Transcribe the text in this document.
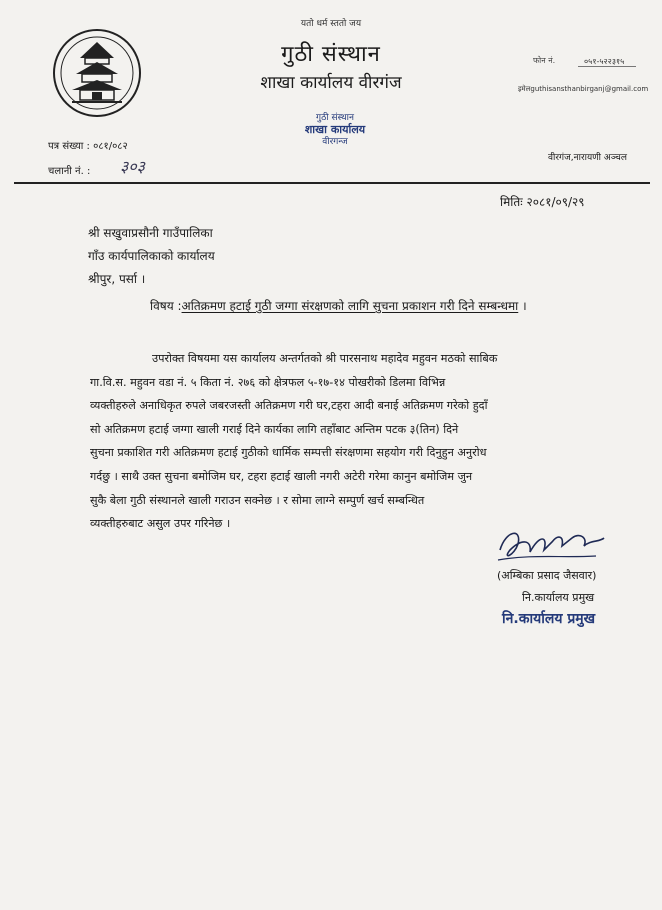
यतो धर्म स्ततो जय
गुठी संस्थान
शाखा कार्यालय वीरगंज
गुठी संस्थान
शाखा कार्यालय
वीरगन्ज
फोन नं.	०५१-५२२३१५
इमेलguthisansthanbirganj@gmail.com
पत्र संख्या : ०८१/०८२
चलानी नं. : ३०३	वीरगंज,नारायणी अञ्चल
मितिः २०८१/०९/२९
श्री सखुवाप्रसौनी गाउँपालिका
गाँउ कार्यपालिकाको कार्यालय
श्रीपुर, पर्सा ।
विषय :अतिक्रमण हटाई गुठी जग्गा संरक्षणको लागि सुचना प्रकाशन गरी दिने सम्बन्धमा ।
उपरोक्त विषयमा यस कार्यालय अन्तर्गतको श्री पारसनाथ महादेव महुवन मठको साबिक
गा.वि.स. महुवन वडा नं. ५ किता नं. २७६ को क्षेत्रफल ५-१७-१४ पोखरीको डिलमा विभिन्न
व्यक्तीहरुले अनाधिकृत रुपले जबरजस्ती अतिक्रमण गरी घर,टहरा आदी बनाई अतिक्रमण गरेको हुदाँ
सो अतिक्रमण हटाई जग्गा खाली गराई दिने कार्यका लागि तहाँबाट अन्तिम पटक ३(तिन) दिने
सुचना प्रकाशित गरी अतिक्रमण हटाई गुठीको धार्मिक सम्पत्ती संरक्षणमा सहयोग गरी दिनुहुन अनुरोध
गर्दछु । साथै उक्त सुचना बमोजिम घर, टहरा हटाई खाली नगरी अटेरी गरेमा कानुन बमोजिम जुन
सुकै बेला गुठी संस्थानले खाली गराउन सक्नेछ । र सोमा लाग्ने सम्पुर्ण खर्च सम्बन्धित
व्यक्तीहरुबाट असुल उपर गरिनेछ ।
(अम्बिका प्रसाद जैसवार)
नि.कार्यालय प्रमुख
नि.कार्यालय प्रमुख
